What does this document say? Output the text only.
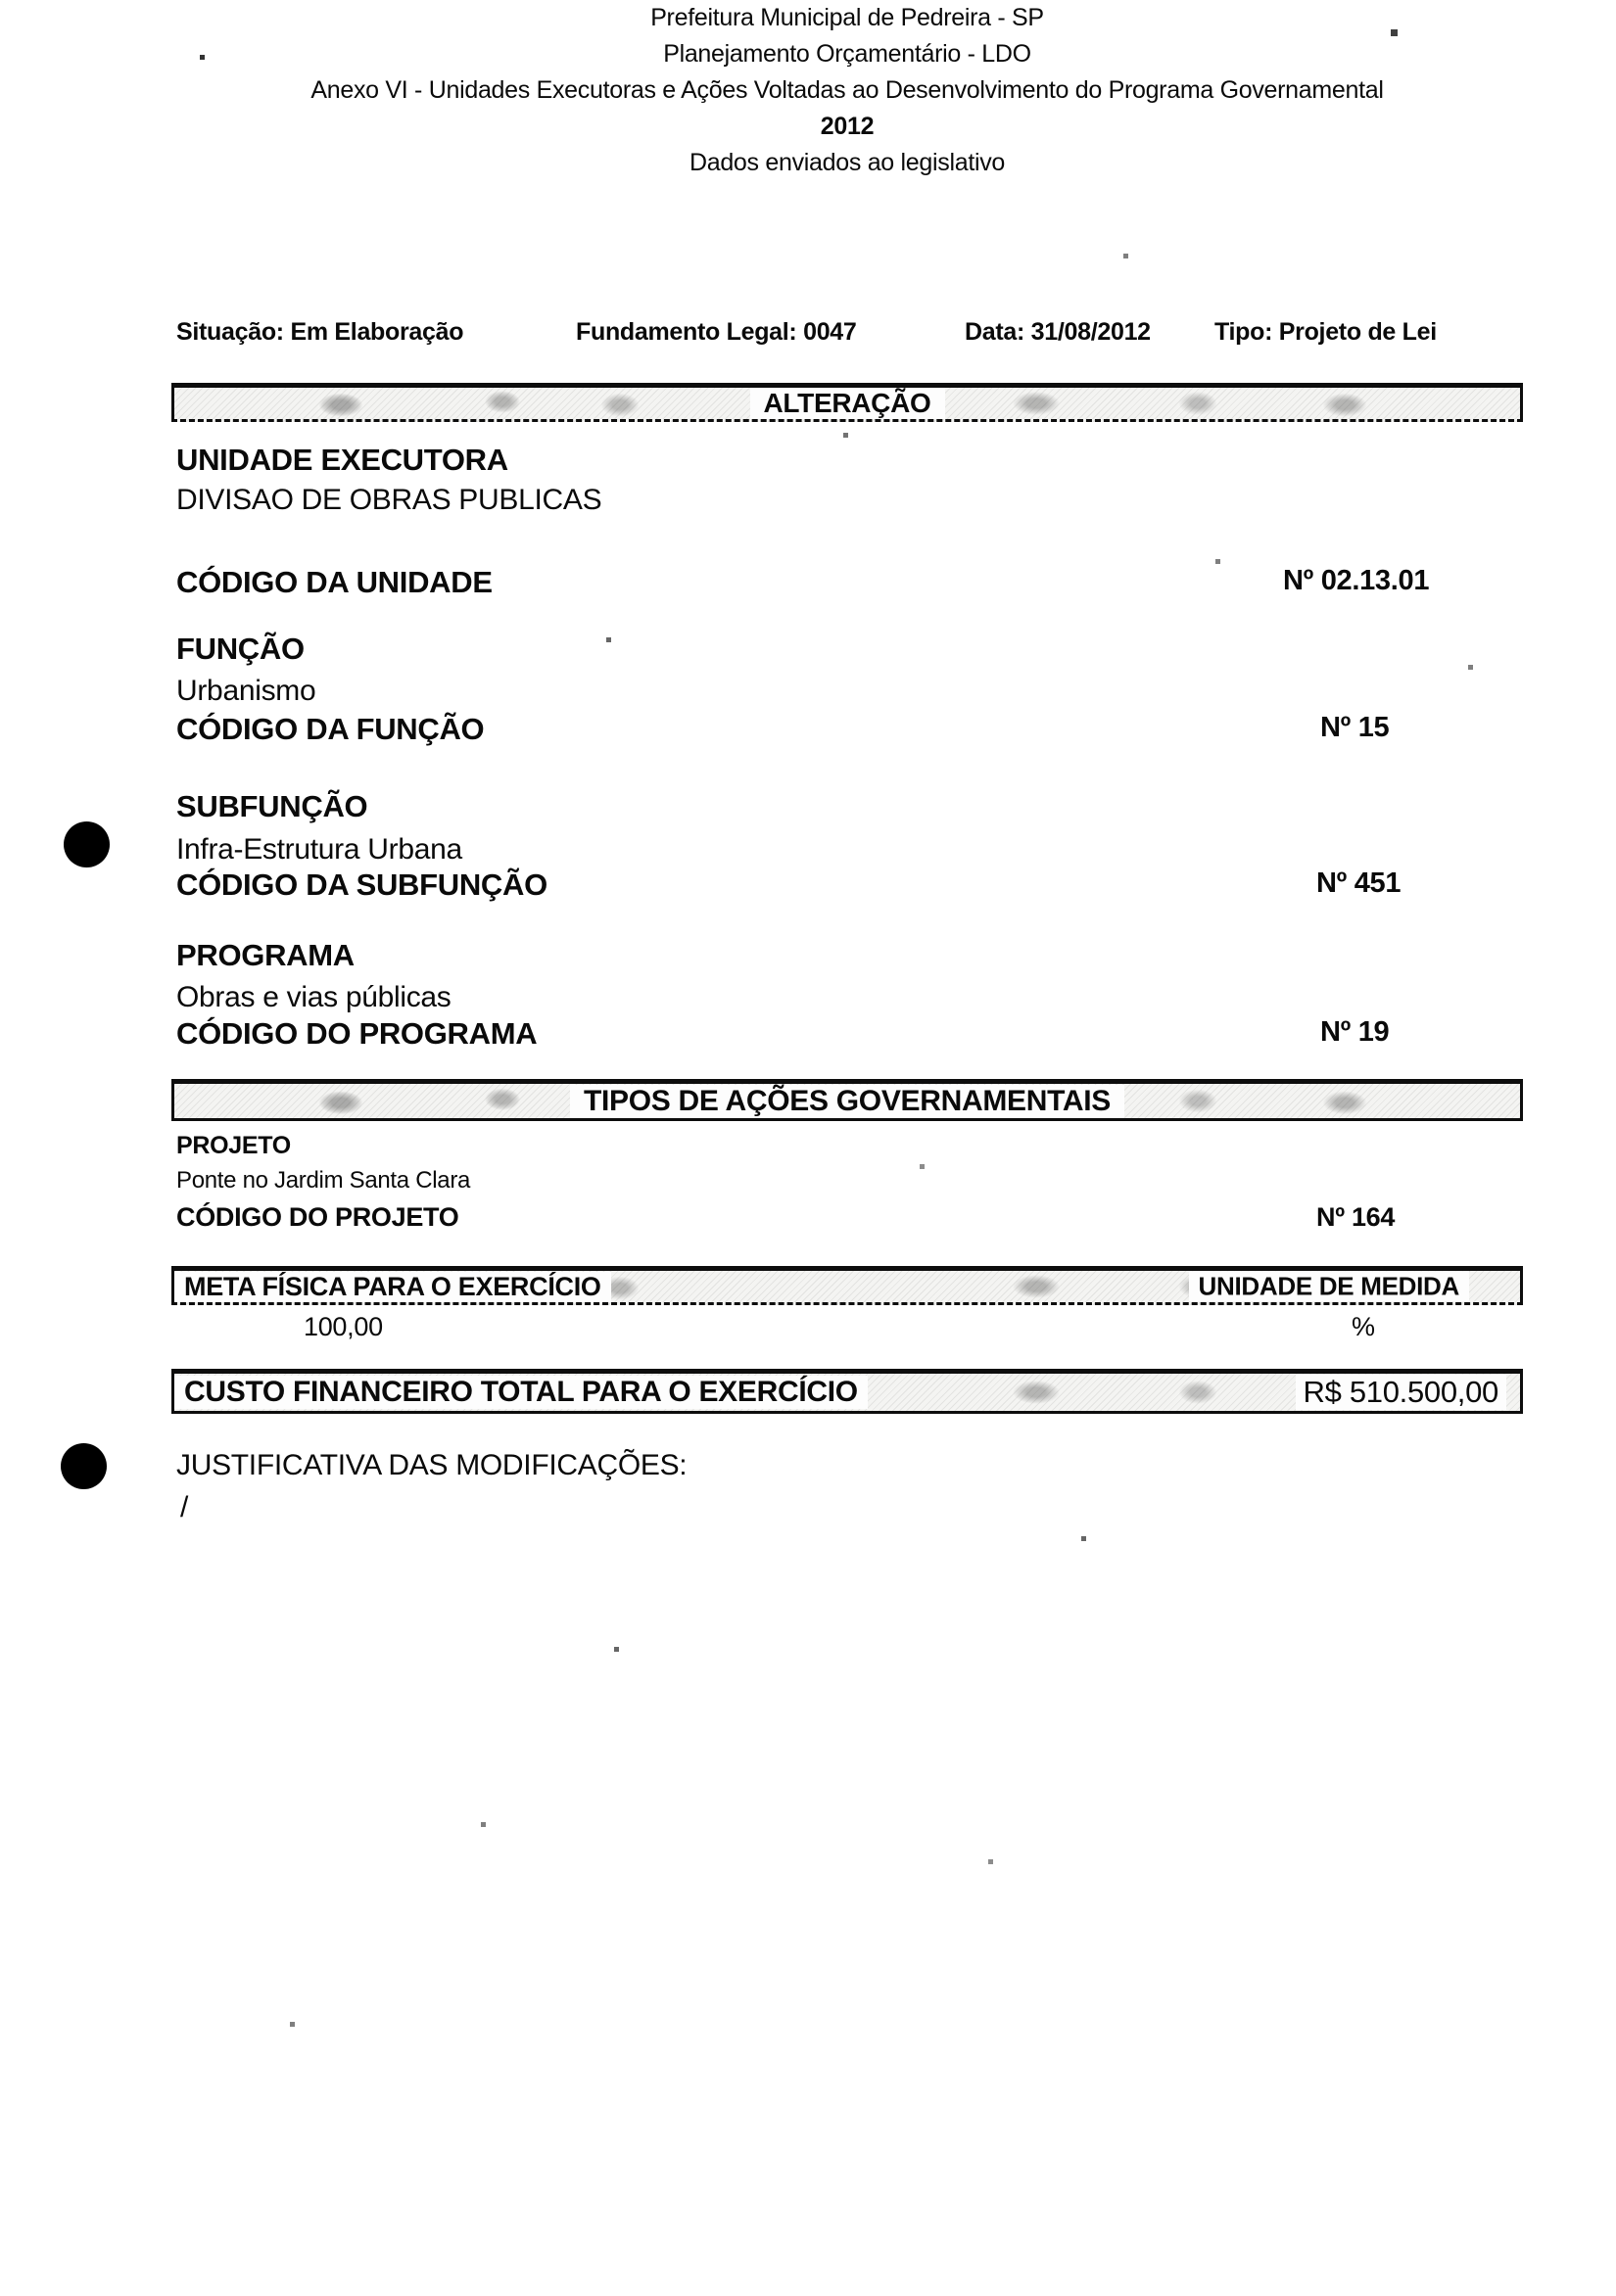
Prefeitura Municipal de Pedreira - SP
Planejamento Orçamentário - LDO
Anexo VI - Unidades Executoras e Ações Voltadas ao Desenvolvimento do Programa Governamental
2012
Dados enviados ao legislativo
Situação: Em Elaboração	Fundamento Legal: 0047	Data: 31/08/2012	Tipo: Projeto de Lei
ALTERAÇÃO
UNIDADE EXECUTORA
DIVISAO DE OBRAS PUBLICAS
CÓDIGO DA UNIDADE	Nº 02.13.01
FUNÇÃO
Urbanismo
CÓDIGO DA FUNÇÃO	Nº 15
SUBFUNÇÃO
Infra-Estrutura Urbana
CÓDIGO DA SUBFUNÇÃO	Nº 451
PROGRAMA
Obras e vias públicas
CÓDIGO DO PROGRAMA	Nº 19
TIPOS DE AÇÕES GOVERNAMENTAIS
PROJETO
Ponte no Jardim Santa Clara
CÓDIGO DO PROJETO	Nº 164
META FÍSICA PARA O EXERCÍCIO	UNIDADE DE MEDIDA
100,00	%
CUSTO FINANCEIRO TOTAL PARA O EXERCÍCIO	R$ 510.500,00
JUSTIFICATIVA DAS MODIFICAÇÕES:
/
